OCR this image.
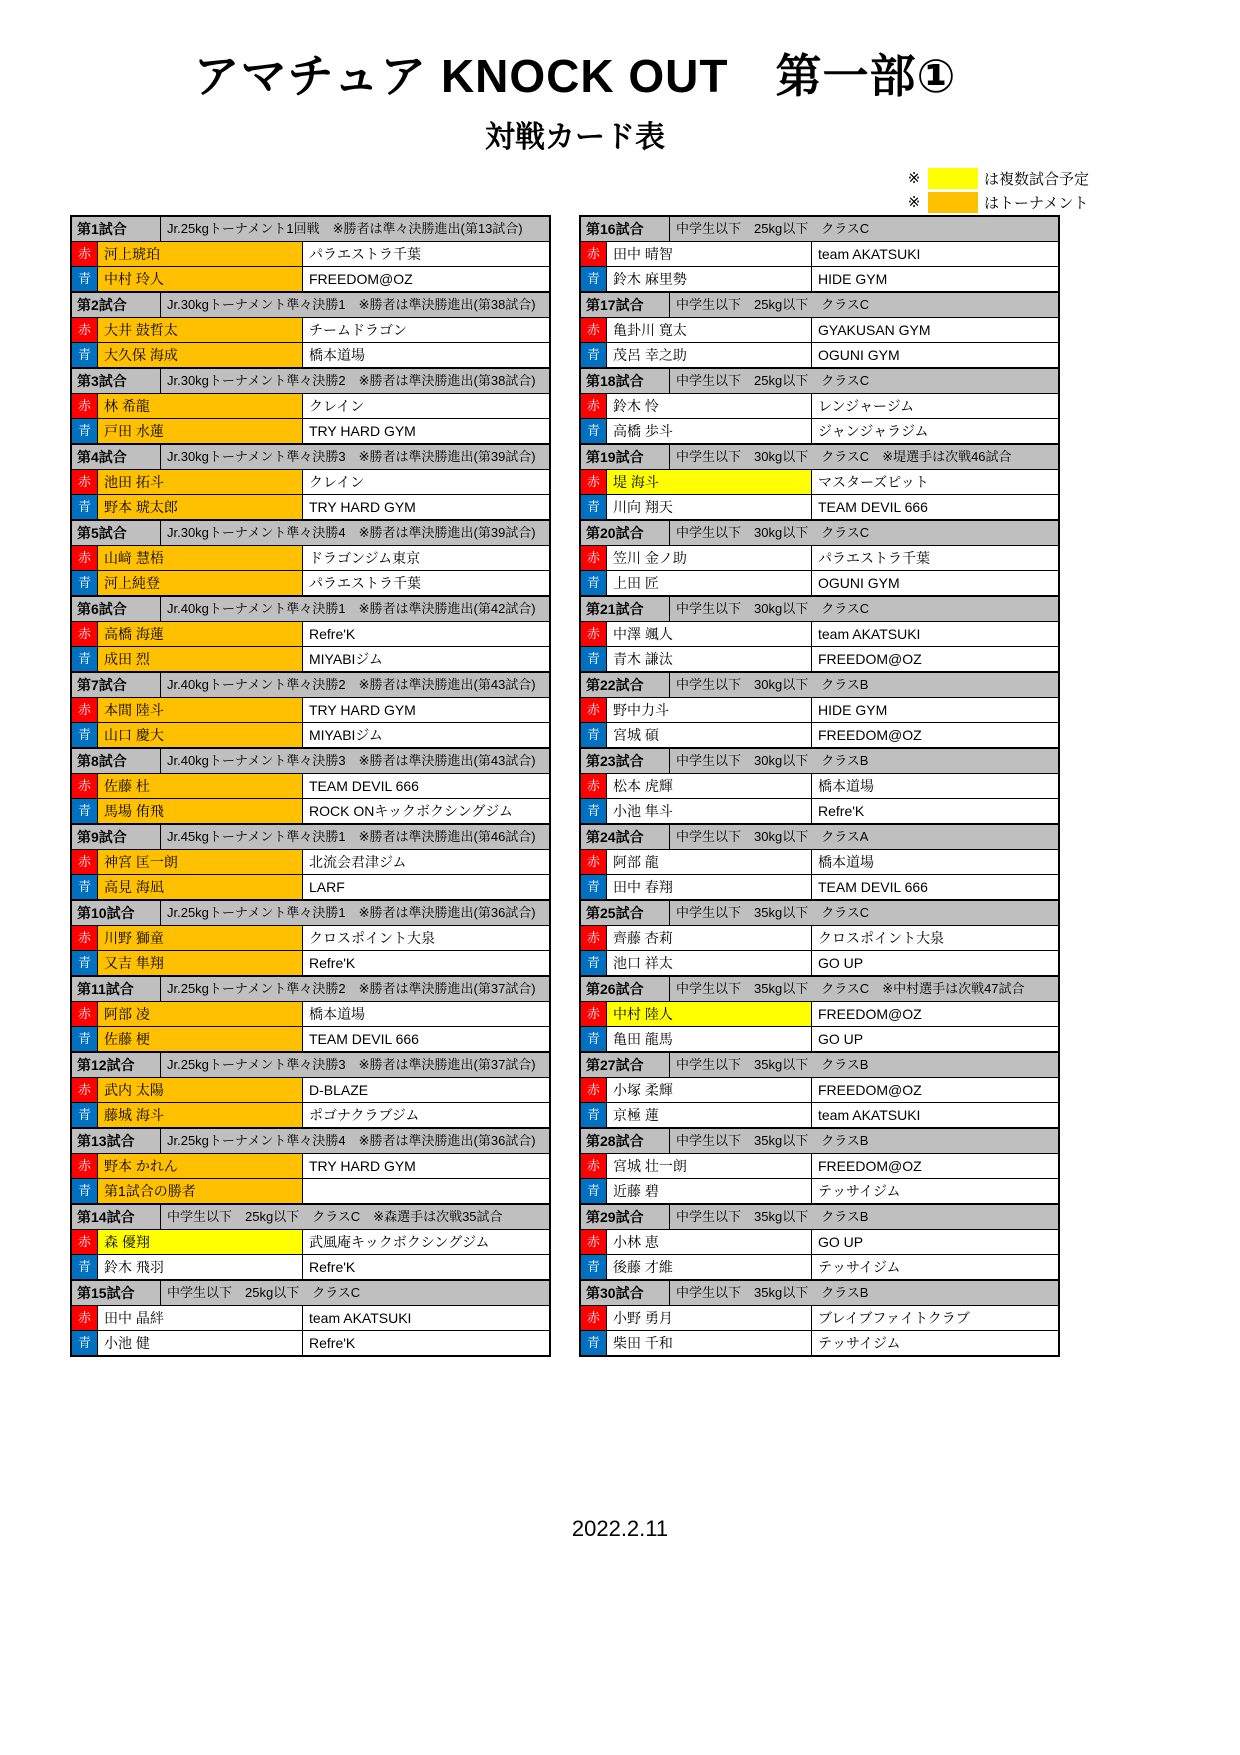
アマチュア KNOCK OUT　第一部①
対戦カード表
※	は複数試合予定
※	はトーナメント
第1試合	Jr.25kgトーナメント1回戦　※勝者は準々決勝進出(第13試合)
赤 河上琥珀	パラエストラ千葉
青 中村 玲人	FREEDOM@OZ
第2試合	Jr.30kgトーナメント準々決勝1　※勝者は準決勝進出(第38試合)
赤 大井 鼓哲太	チームドラゴン
青 大久保 海成	橋本道場
第3試合	Jr.30kgトーナメント準々決勝2　※勝者は準決勝進出(第38試合)
赤 林 希龍	クレイン
青 戸田 水蓮	TRY HARD GYM
第4試合	Jr.30kgトーナメント準々決勝3　※勝者は準決勝進出(第39試合)
赤 池田 拓斗	クレイン
青 野本 琥太郎	TRY HARD GYM
第5試合	Jr.30kgトーナメント準々決勝4　※勝者は準決勝進出(第39試合)
赤 山﨑 慧梧	ドラゴンジム東京
青 河上純登	パラエストラ千葉
第6試合	Jr.40kgトーナメント準々決勝1　※勝者は準決勝進出(第42試合)
赤 高橋 海蓮	Refre'K
青 成田 烈	MIYABIジム
第7試合	Jr.40kgトーナメント準々決勝2　※勝者は準決勝進出(第43試合)
赤 本間 陸斗	TRY HARD GYM
青 山口 慶大	MIYABIジム
第8試合	Jr.40kgトーナメント準々決勝3　※勝者は準決勝進出(第43試合)
赤 佐藤 杜	TEAM DEVIL 666
青 馬場 侑飛	ROCK ONキックボクシングジム
第9試合	Jr.45kgトーナメント準々決勝1　※勝者は準決勝進出(第46試合)
赤 神宮 匡一朗	北流会君津ジム
青 高見 海凪	LARF
第10試合	Jr.25kgトーナメント準々決勝1　※勝者は準決勝進出(第36試合)
赤 川野 獅童	クロスポイント大泉
青 又吉 隼翔	Refre'K
第11試合	Jr.25kgトーナメント準々決勝2　※勝者は準決勝進出(第37試合)
赤 阿部 凌	橋本道場
青 佐藤 梗	TEAM DEVIL 666
第12試合	Jr.25kgトーナメント準々決勝3　※勝者は準決勝進出(第37試合)
赤 武内 太陽	D-BLAZE
青 藤城 海斗	ポゴナクラブジム
第13試合	Jr.25kgトーナメント準々決勝4　※勝者は準決勝進出(第36試合)
赤 野本 かれん	TRY HARD GYM
青 第1試合の勝者
第14試合	中学生以下　25kg以下　クラスC　※森選手は次戦35試合
赤 森 優翔	武風庵キックボクシングジム
青 鈴木 飛羽	Refre'K
第15試合	中学生以下　25kg以下　クラスC
赤 田中 晶絆	team AKATSUKI
青 小池 健	Refre'K
第16試合	中学生以下　25kg以下　クラスC
赤 田中 晴智	team AKATSUKI
青 鈴木 麻里勢	HIDE GYM
第17試合	中学生以下　25kg以下　クラスC
赤 亀卦川 寛太	GYAKUSAN GYM
青 茂呂 幸之助	OGUNI GYM
第18試合	中学生以下　25kg以下　クラスC
赤 鈴木 怜	レンジャージム
青 高橋 歩斗	ジャンジャラジム
第19試合	中学生以下　30kg以下　クラスC　※堤選手は次戦46試合
赤 堤 海斗	マスターズピット
青 川向 翔天	TEAM DEVIL 666
第20試合	中学生以下　30kg以下　クラスC
赤 笠川 金ノ助	パラエストラ千葉
青 上田 匠	OGUNI GYM
第21試合	中学生以下　30kg以下　クラスC
赤 中澤 颯人	team AKATSUKI
青 青木 謙汰	FREEDOM@OZ
第22試合	中学生以下　30kg以下　クラスB
赤 野中力斗	HIDE GYM
青 宮城 碩	FREEDOM@OZ
第23試合	中学生以下　30kg以下　クラスB
赤 松本 虎輝	橋本道場
青 小池 隼斗	Refre'K
第24試合	中学生以下　30kg以下　クラスA
赤 阿部 龍	橋本道場
青 田中 春翔	TEAM DEVIL 666
第25試合	中学生以下　35kg以下　クラスC
赤 齊藤 杏莉	クロスポイント大泉
青 池口 祥太	GO UP
第26試合	中学生以下　35kg以下　クラスC　※中村選手は次戦47試合
赤 中村 陸人	FREEDOM@OZ
青 亀田 龍馬	GO UP
第27試合	中学生以下　35kg以下　クラスB
赤 小塚 柔輝	FREEDOM@OZ
青 京極 蓮	team AKATSUKI
第28試合	中学生以下　35kg以下　クラスB
赤 宮城 壮一朗	FREEDOM@OZ
青 近藤 碧	テッサイジム
第29試合	中学生以下　35kg以下　クラスB
赤 小林 恵	GO UP
青 後藤 才維	テッサイジム
第30試合	中学生以下　35kg以下　クラスB
赤 小野 勇月	ブレイブファイトクラブ
青 柴田 千和	テッサイジム
2022.2.11
